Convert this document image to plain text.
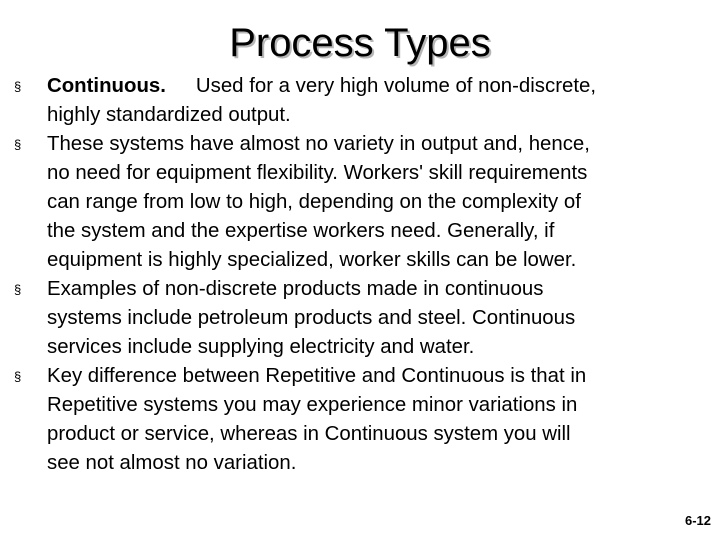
Process Types
§	Continuous. Used for a very high volume of non-discrete,
highly standardized output.
§	These systems have almost no variety in output and, hence,
no need for equipment flexibility. Workers' skill requirements
can range from low to high, depending on the complexity of
the system and the expertise workers need. Generally, if
equipment is highly specialized, worker skills can be lower.
§	Examples of non-discrete products made in continuous
systems include petroleum products and steel. Continuous
services include supplying electricity and water.
§	Key difference between Repetitive and Continuous is that in
Repetitive systems you may experience minor variations in
product or service, whereas in Continuous system you will
see not almost no variation.
6-12
